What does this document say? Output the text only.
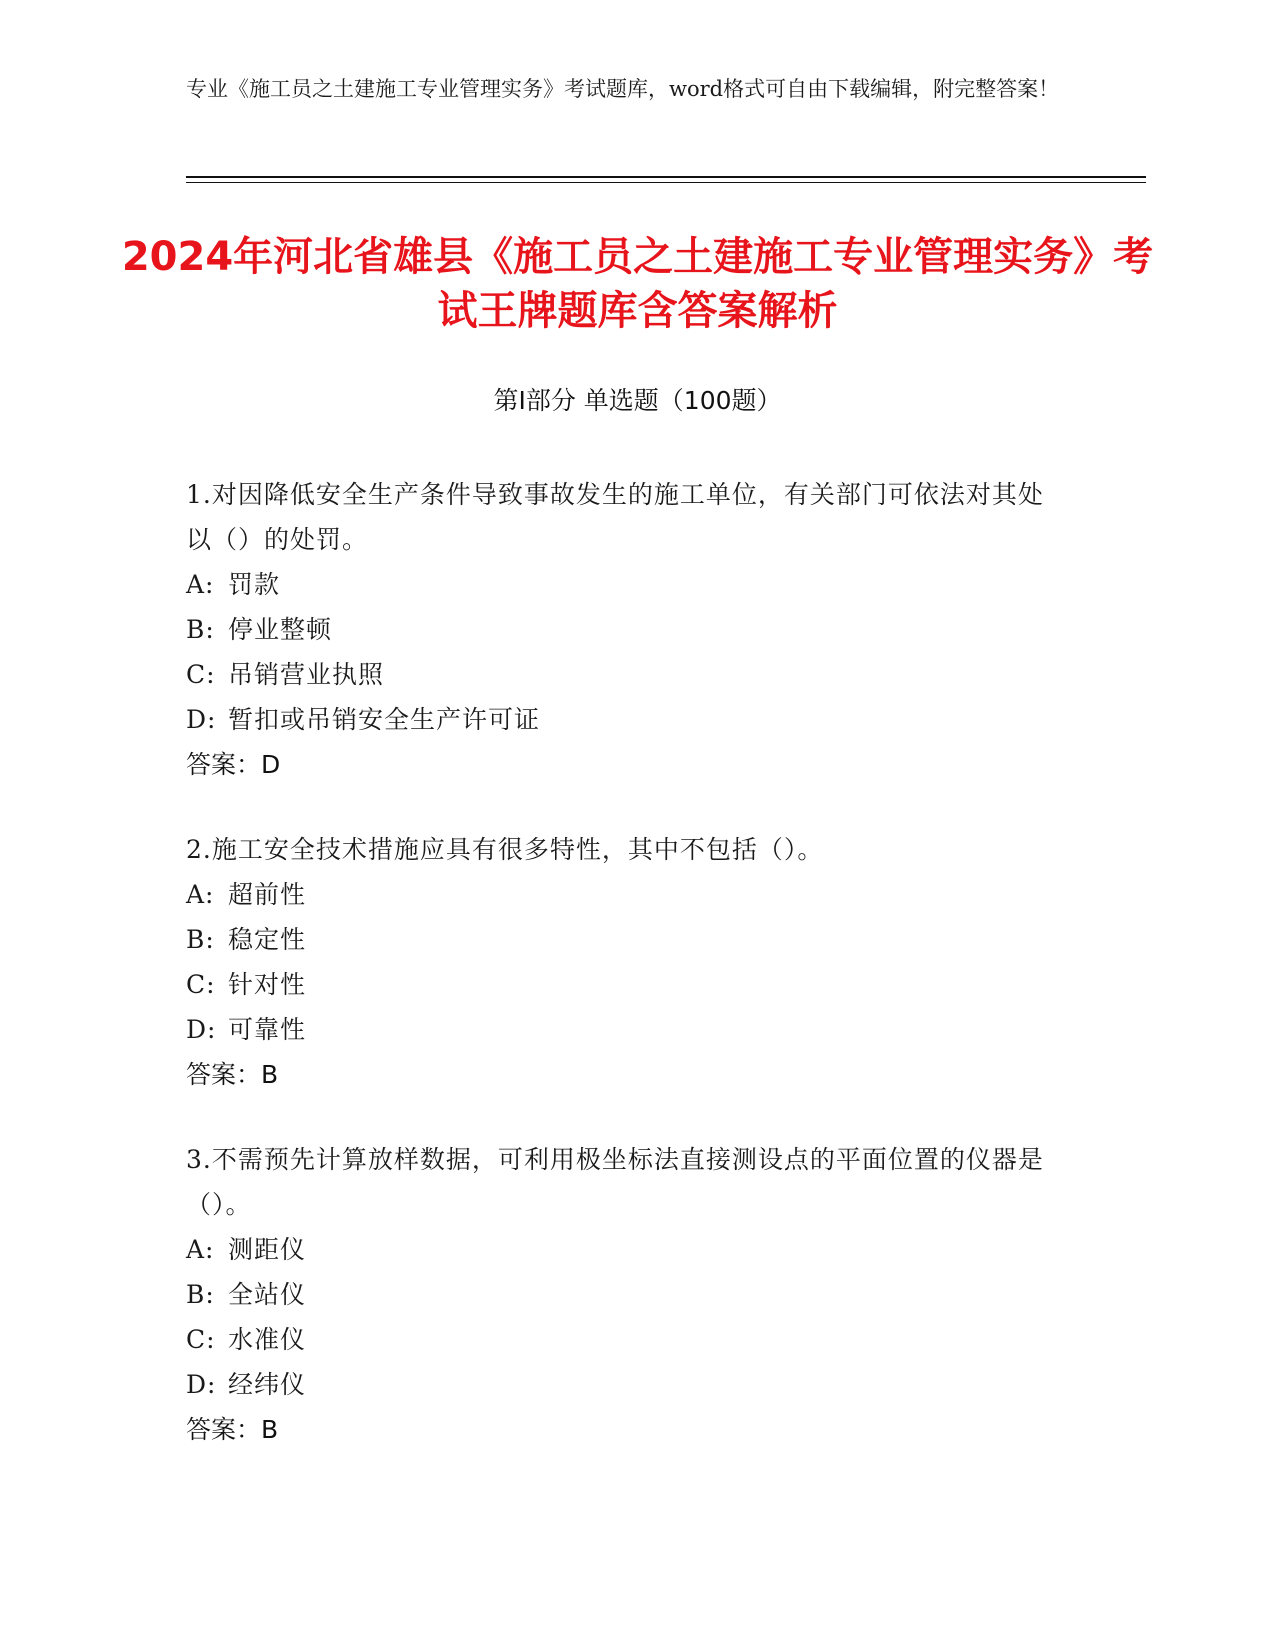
专业《施工员之土建施工专业管理实务》考试题库，word格式可自由下载编辑，附完整答案！
2024年河北省雄县《施工员之土建施工专业管理实务》考试王牌题库含答案解析
第Ⅰ部分 单选题（100题）
1.对因降低安全生产条件导致事故发生的施工单位，有关部门可依法对其处以（）的处罚。
A: 罚款
B: 停业整顿
C: 吊销营业执照
D: 暂扣或吊销安全生产许可证
答案：D
2.施工安全技术措施应具有很多特性，其中不包括（）。
A: 超前性
B: 稳定性
C: 针对性
D: 可靠性
答案：B
3.不需预先计算放样数据，可利用极坐标法直接测设点的平面位置的仪器是（）。
A: 测距仪
B: 全站仪
C: 水准仪
D: 经纬仪
答案：B
